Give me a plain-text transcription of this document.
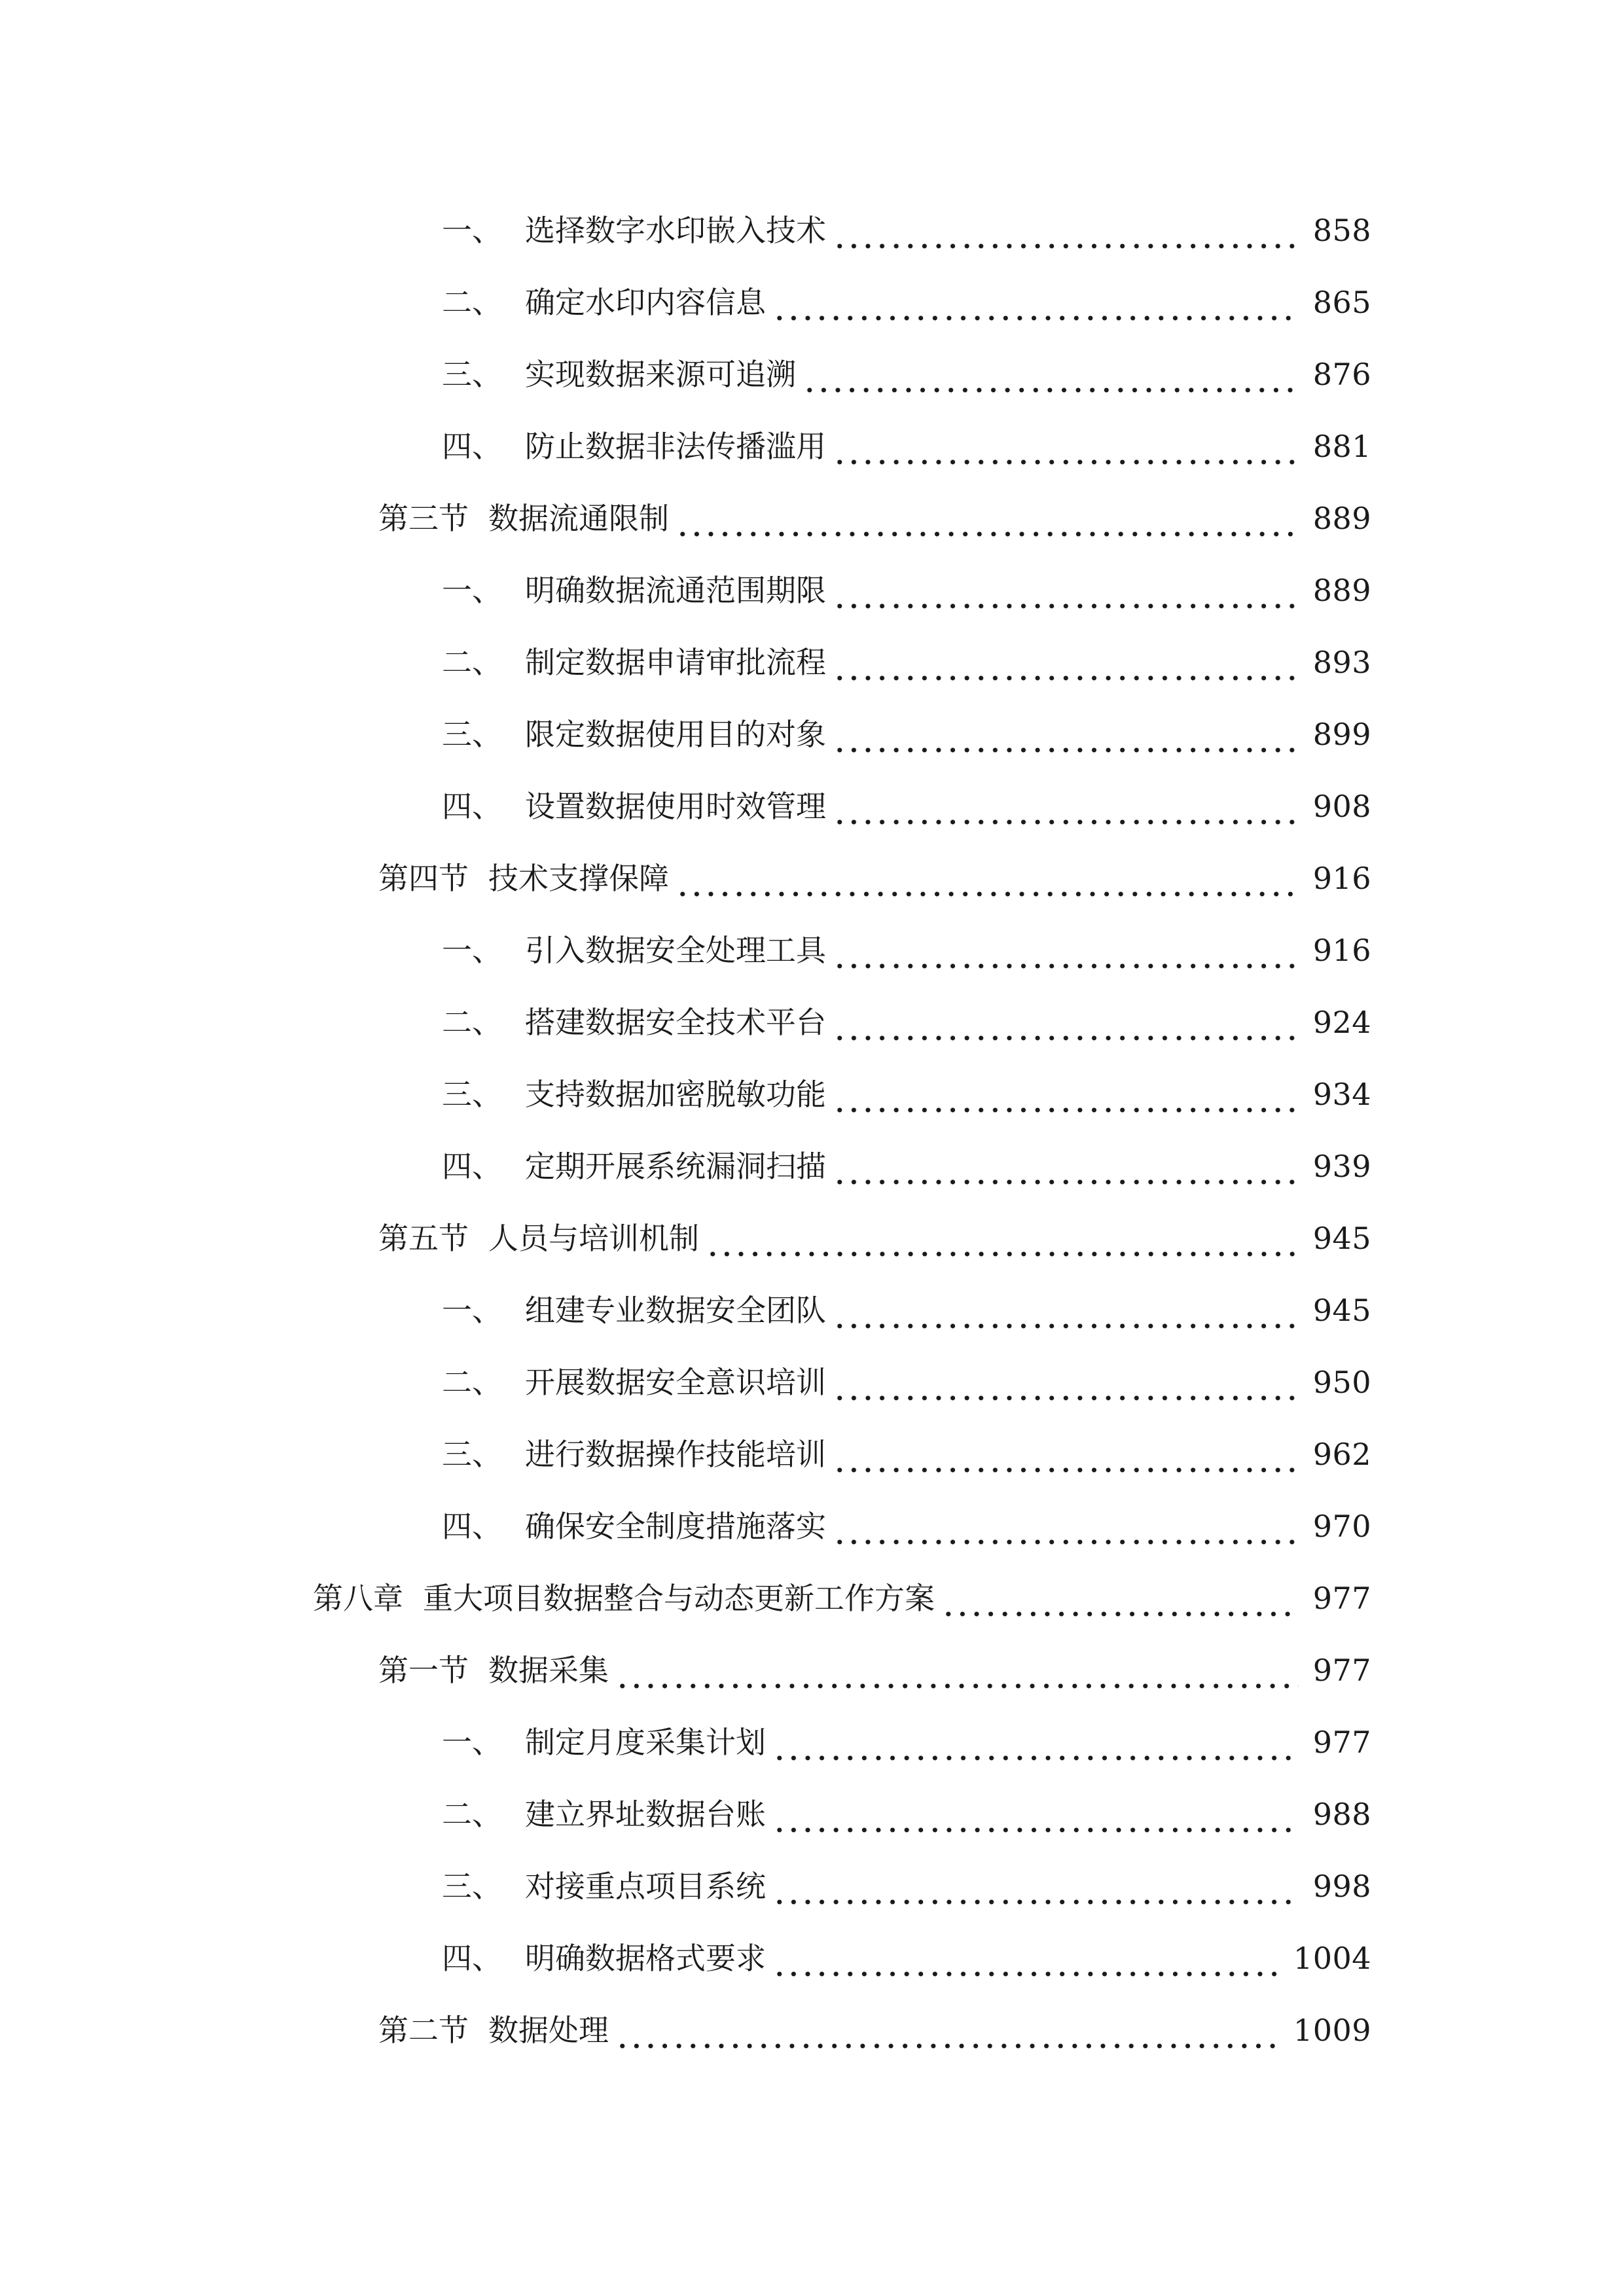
一、 选择数字水印嵌入技术	858
二、 确定水印内容信息	865
三、 实现数据来源可追溯	876
四、 防止数据非法传播滥用	881
第三节 数据流通限制	889
一、 明确数据流通范围期限	889
二、 制定数据申请审批流程	893
三、 限定数据使用目的对象	899
四、 设置数据使用时效管理	908
第四节 技术支撑保障	916
一、 引入数据安全处理工具	916
二、 搭建数据安全技术平台	924
三、 支持数据加密脱敏功能	934
四、 定期开展系统漏洞扫描	939
第五节 人员与培训机制	945
一、 组建专业数据安全团队	945
二、 开展数据安全意识培训	950
三、 进行数据操作技能培训	962
四、 确保安全制度措施落实	970
第八章 重大项目数据整合与动态更新工作方案	977
第一节 数据采集	977
一、 制定月度采集计划	977
二、 建立界址数据台账	988
三、 对接重点项目系统	998
四、 明确数据格式要求	1004
第二节 数据处理	1009
